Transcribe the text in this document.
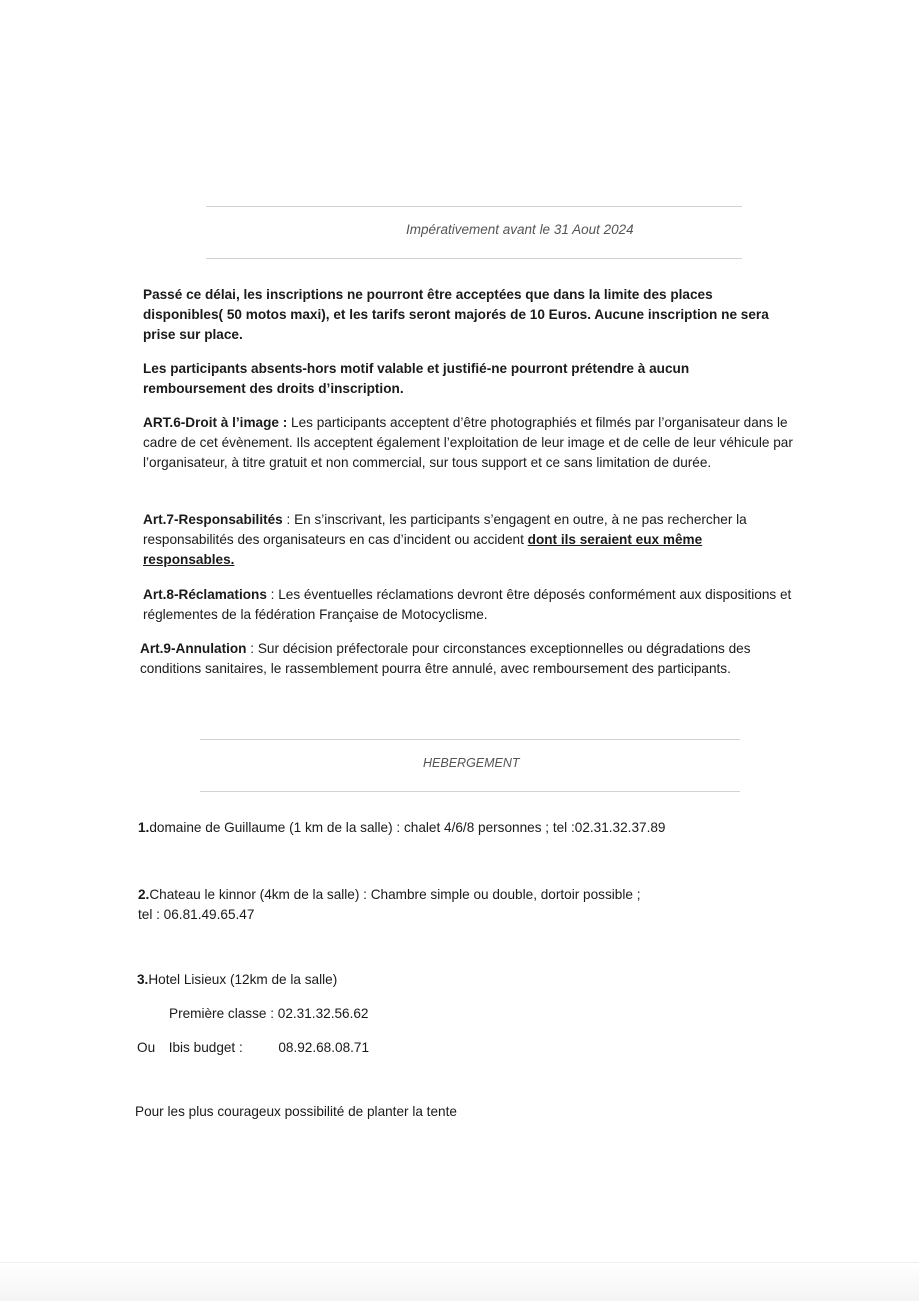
Impérativement avant le 31 Aout 2024

Passé ce délai, les inscriptions ne pourront être acceptées que dans la limite des places disponibles( 50 motos maxi), et les tarifs seront majorés de 10 Euros. Aucune inscription ne sera prise sur place.

Les participants absents-hors motif valable et justifié-ne pourront prétendre à aucun remboursement des droits d’inscription.

ART.6-Droit à l’image : Les participants acceptent d’être photographiés et filmés par l’organisateur dans le cadre de cet évènement. Ils acceptent également l’exploitation de leur image et de celle de leur véhicule par l’organisateur, à titre gratuit et non commercial, sur tous support et ce sans limitation de durée.

Art.7-Responsabilités : En s’inscrivant, les participants s’engagent en outre, à ne pas rechercher la responsabilités des organisateurs en cas d’incident ou accident dont ils seraient eux même responsables.

Art.8-Réclamations : Les éventuelles réclamations devront être déposés conformément aux dispositions et réglementes de la fédération Française de Motocyclisme.

Art.9-Annulation : Sur décision préfectorale pour circonstances exceptionnelles ou dégradations des conditions sanitaires, le rassemblement pourra être annulé, avec remboursement des participants.

HEBERGEMENT
1.domaine de Guillaume (1 km de la salle) : chalet 4/6/8 personnes ; tel :02.31.32.37.89
2.Chateau le kinnor (4km de la salle) : Chambre simple ou double, dortoir possible ;
tel : 06.81.49.65.47
3.Hotel Lisieux (12km de la salle)
Première classe : 02.31.32.56.62
Ou Ibis budget :	08.92.68.08.71
Pour les plus courageux possibilité de planter la tente
